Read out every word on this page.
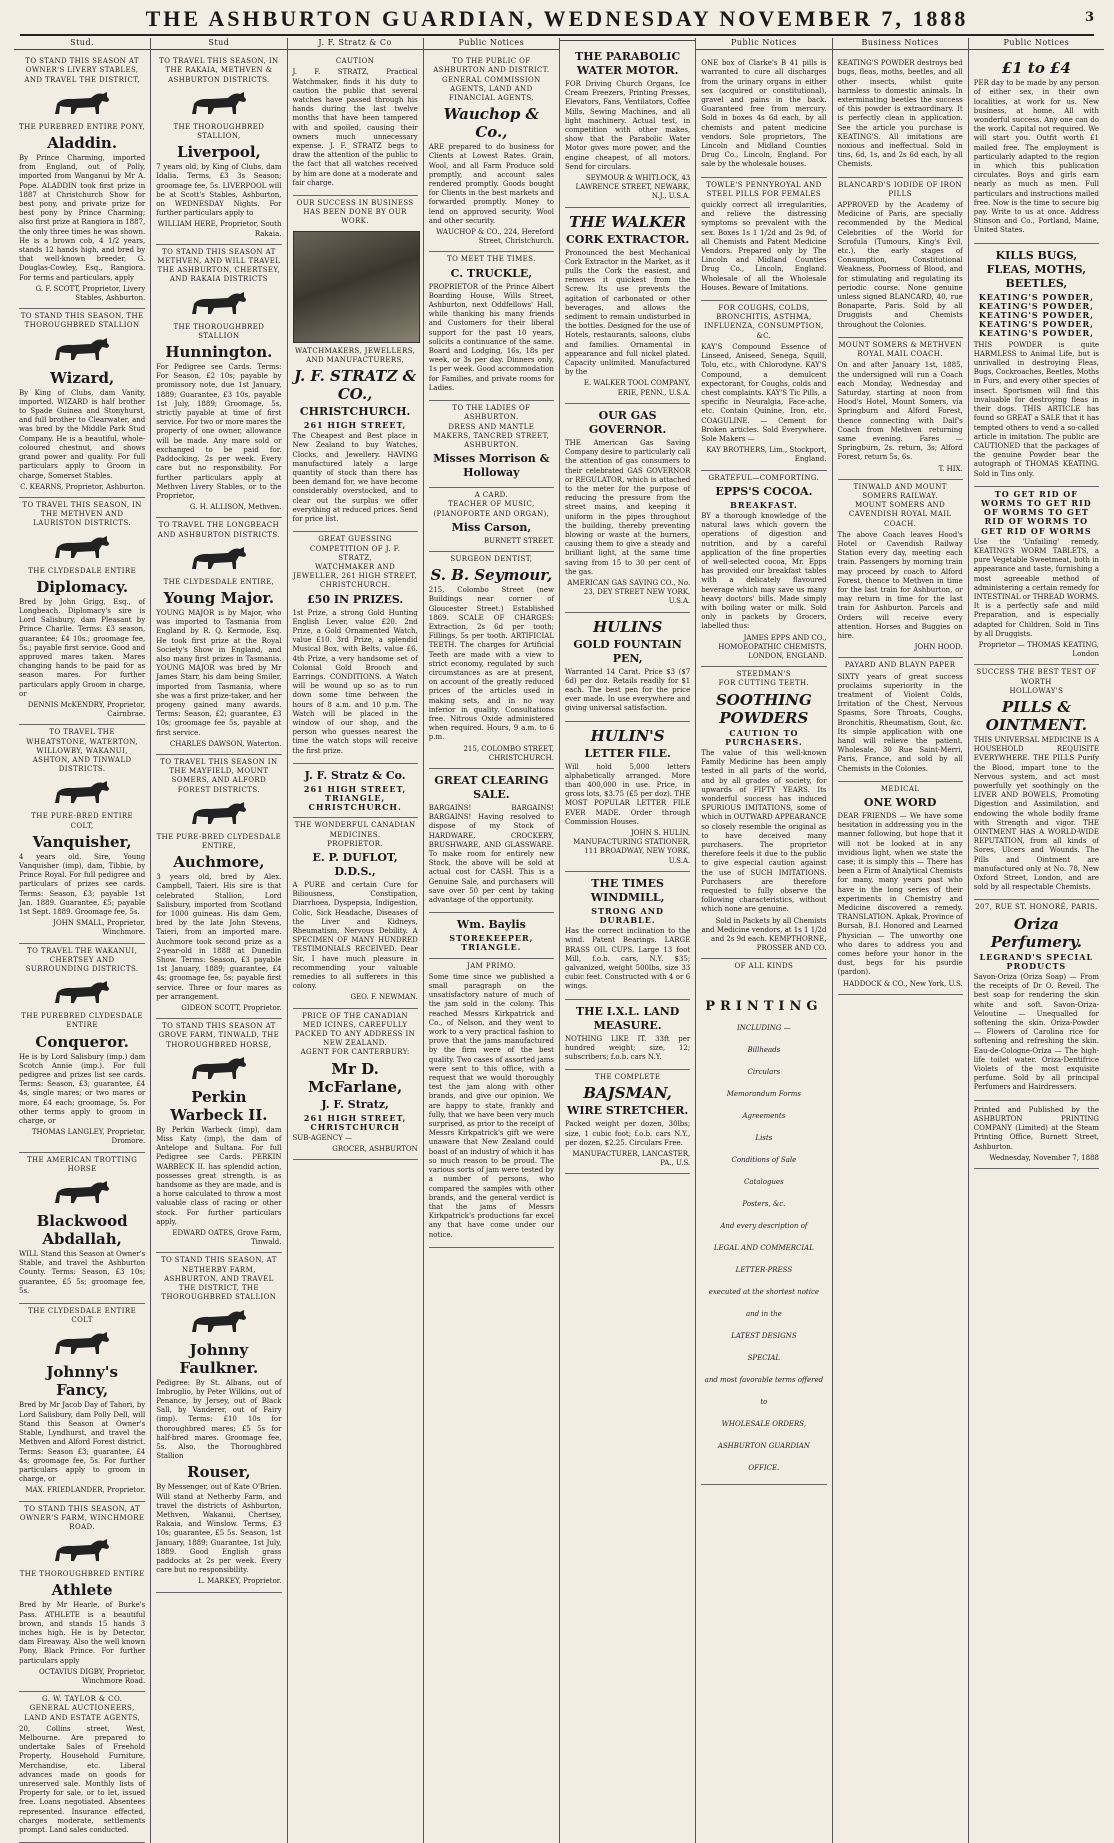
THE ASHBURTON GUARDIAN, WEDNESDAY NOVEMBER 7, 1888	3
Stud.
TO STAND THIS SEASON AT OWNER'S LIVERY STABLES, AND TRAVEL THE DISTRICT,
THE PUREBRED ENTIRE PONY,
Aladdin.

By Prince Charming, imported from England, out of Polly, imported from Wanganui by Mr A. Pope. ALADDIN took first prize in 1887 at Christchurch Show for best pony, and private prize for best pony by Prince Charming; also first prize at Rangiora in 1887, the only three times he was shown. He is a brown cob, 4 1/2 years, stands 12 hands high, and bred by that well-known breeder, G. Douglas-Cowley, Esq., Rangiora. For terms and particulars, apply

G. F. SCOTT, Proprietor, Livery Stables, Ashburton.
TO STAND THIS SEASON, THE THOROUGHBRED STALLION
Wizard,

By King of Clubs, dam Vanity, imported. WIZARD is half brother to Spade Guinea and Stonyhurst, and full brother to Clearwater, and was bred by the Middle Park Stud Company. He is a beautiful, whole-coloured chestnut, and shows grand power and quality. For full particulars apply to Groom in charge, Somerset Stables.

C. KEARNS, Proprietor, Ashburton.
TO TRAVEL THIS SEASON, IN THE METHVEN AND LAURISTON DISTRICTS.
THE CLYDESDALE ENTIRE
Diplomacy.

Bred by John Grigg, Esq., of Longbeach. Diplomacy's sire is Lord Salisbury, dam Pleasant by Prince Charlie. Terms: £3 season, guarantee; £4 10s.; groomage fee, 5s.; payable first service. Good and approved mares taken. Mares changing hands to be paid for as season mares. For further particulars apply Groom in charge, or

DENNIS McKENDRY, Proprietor, Cairnbrae.
TO TRAVEL THE WHEATSTONE, WATERTON, WILLOWBY, WAKANUI, ASHTON, AND TINWALD DISTRICTS.
THE PURE-BRED ENTIRE COLT,
Vanquisher,

4 years old. Sire, Young Vanquisher (imp), dam, Tibbie, by Prince Royal. For full pedigree and particulars of prizes see cards. Terms: Season, £3; payable 1st Jan. 1889. Guarantee, £5; payable 1st Sept. 1889. Groomage fee, 5s.

JOHN SMALL, Proprietor, Winchmore.
TO TRAVEL THE WAKANUI, CHERTSEY AND SURROUNDING DISTRICTS.
THE PUREBRED CLYDESDALE ENTIRE
Conqueror.

He is by Lord Salisbury (imp.) dam Scotch Annie (imp.). For full pedigree and prizes list see cards. Terms: Season, £3; guarantee, £4 4s, single mares; or two mares or more, £4 each; groomage, 5s. For other terms apply to groom in charge, or

THOMAS LANGLEY, Proprietor, Dromore.
THE AMERICAN TROTTING HORSE
Blackwood Abdallah,

WILL Stand this Season at Owner's Stable, and travel the Ashburton County. Terms: Season, £3 10s; guarantee, £5 5s; groomage fee, 5s.

THE CLYDESDALE ENTIRE COLT
Johnny's Fancy,

Bred by Mr Jacob Day of Tahori, by Lord Salisbury, dam Polly Dell, will Stand this Season at Owner's Stable, Lyndhurst, and travel the Methven and Alford Forest district. Terms: Season £3; guarantee, £4 4s; groomage fee, 5s. For further particulars apply to groom in charge, or

MAX. FRIEDLANDER, Proprietor.
TO STAND THIS SEASON, AT OWNER'S FARM, WINCHMORE ROAD.
THE THOROUGHBRED ENTIRE
Athlete

Bred by Mr Hearle, of Burke's Pass. ATHLETE is a beautiful brown, and stands 15 hands 3 inches high. He is by Detector, dam Fireaway. Also the well known Pony, Black Prince. For further particulars apply

OCTAVIUS DIGBY, Proprietor, Winchmore Road.
G. W. TAYLOR & CO.
GENERAL AUCTIONEERS, LAND AND ESTATE AGENTS,

20, Collins street, West, Melbourne. Are prepared to undertake Sales of Freehold Property, Household Furniture, Merchandise, etc. Liberal advances made on goods for unreserved sale. Monthly lists of Property for sale, or to let, issued free. Loans negotiated. Absentees represented. Insurance effected, charges moderate, settlements prompt. Land sales conducted.

Stud
TO TRAVEL THIS SEASON, IN THE RAKAIA, METHVEN & ASHBURTON DISTRICTS.
THE THOROUGHBRED STALLION,
Liverpool,

7 years old, by King of Clubs, dam Idalia. Terms, £3 3s Season; groomage fee, 5s. LIVERPOOL will be at Scott's Stables, Ashburton, on WEDNESDAY Nights. For further particulars apply to

WILLIAM HERE, Proprietor, South Rakaia.
TO STAND THIS SEASON AT METHVEN, AND WILL TRAVEL THE ASHBURTON, CHERTSEY, AND RAKAIA DISTRICTS
THE THOROUGHBRED STALLION
Hunnington.

For Pedigree see Cards. Terms: For Season, £2 10s; payable by promissory note, due 1st January, 1889; Guarantee, £3 10s, payable 1st July, 1889; Groomage, 5s, strictly payable at time of first service. For two or more mares the property of one owner, allowance will be made. Any mare sold or exchanged to be paid for. Paddocking, 2s per week. Every care but no responsibility. For further particulars apply at Methven Livery Stables, or to the Proprietor,

G. H. ALLISON, Methven.
TO TRAVEL THE LONGBEACH AND ASHBURTON DISTRICTS.
THE CLYDESDALE ENTIRE,
Young Major.

YOUNG MAJOR is by Major, who was imported to Tasmania from England by R. Q. Kermode, Esq. He took first prize at the Royal Society's Show in England, and also many first prizes in Tasmania. YOUNG MAJOR was bred by Mr James Starr, his dam being Smiler, imported from Tasmania, where she was a first prize-taker, and her progeny gained many awards. Terms: Season, £2; guarantee, £3 10s; groomage fee 5s, payable at first service.

CHARLES DAWSON, Waterton.
TO TRAVEL THIS SEASON IN THE MAYFIELD, MOUNT SOMERS, AND ALFORD FOREST DISTRICTS.
THE PURE-BRED CLYDESDALE ENTIRE,
Auchmore,

3 years old, bred by Alex. Campbell, Taieri. His sire is that celebrated Stallion, Lord Salisbury, imported from Scotland for 1000 guineas. His dam Gem, bred by the late John Stevens, Taieri, from an imported mare. Auchmore took second prize as a 2-year-old in 1888 at Dunedin Show. Terms: Season, £3 payable 1st January, 1889; guarantee, £4 4s; groomage fee, 5s; payable first service. Three or four mares as per arrangement.

GIDEON SCOTT, Proprietor.
TO STAND THIS SEASON AT GROVE FARM, TINWALD, THE THOROUGHBRED HORSE,
Perkin Warbeck II.

By Perkin Warbeck (imp), dam Miss Katy (imp), the dam of Antelope and Sultana. For full Pedigree see Cards. PERKIN WARBECK II. has splendid action, possesses great strength, is as handsome as they are made, and is a horse calculated to throw a most valuable class of racing or other stock. For further particulars apply,

EDWARD OATES, Grove Farm, Tinwald.
TO STAND THIS SEASON, AT NETHERBY FARM, ASHBURTON, AND TRAVEL THE DISTRICT, THE THOROUGHBRED STALLION
Johnny Faulkner.

Pedigree: By St. Albans, out of Imbroglio, by Peter Wilkins, out of Penance, by Jersey, out of Black Sall, by Vanderer, out of Fairy (imp). Terms: £10 10s for thoroughbred mares; £5 5s for half-bred mares. Groomage fee, 5s. Also, the Thoroughbred Stallion

Rouser,

By Messenger, out of Kate O'Brien. Will stand at Netherby Farm, and travel the districts of Ashburton, Methven, Wakanui, Chertsey, Rakaia, and Winslow. Terms, £3 10s; guarantee, £5 5s. Season, 1st January, 1889; Guarantee, 1st July, 1889. Good English grass paddocks at 2s per week. Every care but no responsibility.

L. MARKEY, Proprietor.
J. F. Stratz & Co
CAUTION

J. F. STRATZ, Practical Watchmaker, finds it his duty to caution the public that several watches have passed through his hands during the last twelve months that have been tampered with and spoiled, causing their owners much unnecessary expense. J. F. STRATZ begs to draw the attention of the public to the fact that all watches received by him are done at a moderate and fair charge.

OUR SUCCESS IN BUSINESS HAS BEEN DONE BY OUR WORK.
WATCHMAKERS, JEWELLERS, AND MANUFACTURERS,
J. F. STRATZ & CO.,
CHRISTCHURCH.
261 HIGH STREET,

The Cheapest and Best place in New Zealand to buy Watches, Clocks, and Jewellery. HAVING manufactured lately a large quantity of stock than there has been demand for, we have become considerably overstocked, and to clear out the surplus we offer everything at reduced prices. Send for price list.

GREAT GUESSING COMPETITION OF J. F. STRATZ,
WATCHMAKER AND JEWELLER, 261 HIGH STREET, CHRISTCHURCH.
£50 IN PRIZES.

1st Prize, a strong Gold Hunting English Lever, value £20. 2nd Prize, a Gold Ornamented Watch, value £10. 3rd Prize, a splendid Musical Box, with Belts, value £6. 4th Prize, a very handsome set of Colonial Gold Brooch and Earrings. CONDITIONS. A Watch will be wound up so as to run down some time between the hours of 8 a.m. and 10 p.m. The Watch will be placed in the window of our shop, and the person who guesses nearest the time the watch stops will receive the first prize.

J. F. Stratz & Co.
261 HIGH STREET, TRIANGLE, CHRISTCHURCH.
THE WONDERFUL CANADIAN MEDICINES.
PROPRIETOR.
E. P. DUFLOT, D.D.S.,

A PURE and certain Cure for Biliousness, Constipation, Diarrhoea, Dyspepsia, Indigestion, Colic, Sick Headache, Diseases of the Liver and Kidneys, Rheumatism, Nervous Debility. A SPECIMEN OF MANY HUNDRED TESTIMONIALS RECEIVED. Dear Sir, I have much pleasure in recommending your valuable remedies to all sufferers in this colony.

GEO. F. NEWMAN.
PRICE OF THE CANADIAN MED ICINES, CAREFULLY PACKED TO ANY ADDRESS IN NEW ZEALAND.
AGENT FOR CANTERBURY:
Mr D. McFarlane,
J. F. Stratz,
261 HIGH STREET, CHRISTCHURCH

SUB-AGENCY —

GROCER, ASHBURTON
Public Notices
TO THE PUBLIC OF ASHBURTON AND DISTRICT.
GENERAL COMMISSION AGENTS, LAND AND FINANCIAL AGENTS,
Wauchop & Co.,

ARE prepared to do business for Clients at Lowest Rates. Grain, Wool, and all Farm Produce sold promptly, and account sales rendered promptly. Goods bought for Clients in the best markets and forwarded promptly. Money to lend on approved security. Wool and other security.

WAUCHOP & CO., 224, Hereford Street, Christchurch.
TO MEET THE TIMES.
C. TRUCKLE,

PROPRIETOR of the Prince Albert Boarding House, Wills Street, Ashburton, next Oddfellows' Hall, while thanking his many friends and Customers for their liberal support for the past 10 years, solicits a continuance of the same. Board and Lodging, 16s, 18s per week, or 3s per day. Dinners only, 1s per week. Good accommodation for Families, and private rooms for Ladies.

TO THE LADIES OF ASHBURTON.
DRESS AND MANTLE MAKERS, TANCRED STREET, ASHBURTON.
Misses Morrison & Holloway
A CARD.
TEACHER OF MUSIC, (PIANOFORTE AND ORGAN),
Miss Carson,
BURNETT STREET.
SURGEON DENTIST,
S. B. Seymour,

215, Colombo Street (new Buildings near corner of Gloucester Street.) Established 1869. SCALE OF CHARGES: Extraction, 2s 6d per tooth; Fillings, 5s per tooth. ARTIFICIAL TEETH. The charges for Artificial Teeth are made with a view to strict economy, regulated by such circumstances as are at present, on account of the greatly reduced prices of the articles used in making sets, and in no way inferior in quality. Consultations free. Nitrous Oxide administered when required. Hours, 9 a.m. to 6 p.m.

215, COLOMBO STREET, CHRISTCHURCH.
GREAT CLEARING SALE.

BARGAINS! BARGAINS! BARGAINS! Having resolved to dispose of my Stock of HARDWARE, CROCKERY, BRUSHWARE, AND GLASSWARE. To make room for entirely new Stock, the above will be sold at actual cost for CASH. This is a Genuine Sale, and purchasers will save over 50 per cent by taking advantage of the opportunity.

Wm. Baylis
STOREKEEPER, TRIANGLE.
JAM PRIMO.

Some time since we published a small paragraph on the unsatisfactory nature of much of the jam sold in the colony. This reached Messrs Kirkpatrick and Co., of Nelson, and they went to work to a very practical fashion to prove that the jams manufactured by the firm were of the best quality. Two cases of assorted jams were sent to this office, with a request that we would thoroughly test the jam along with other brands, and give our opinion. We are happy to state, frankly and fully, that we have been very much surprised, as prior to the receipt of Messrs Kirkpatrick's gift we were unaware that New Zealand could boast of an industry of which it has so much reason to be proud. The various sorts of jam were tested by a number of persons, who compared the samples with other brands, and the general verdict is that the jams of Messrs Kirkpatrick's productions far excel any that have come under our notice.

THE PARABOLIC WATER MOTOR.

FOR Driving Church Organs, Ice Cream Freezers, Printing Presses, Elevators, Fans, Ventilators, Coffee Mills, Sewing Machines, and all light machinery. Actual test, in competition with other makes, show that the Parabolic Water Motor gives more power, and the engine cheapest, of all motors. Send for circulars.

SEYMOUR & WHITLOCK, 43 LAWRENCE STREET, NEWARK, N.J., U.S.A.
THE WALKER
CORK EXTRACTOR.

Pronounced the best Mechanical Cork Extractor in the Market, as it pulls the Cork the easiest, and removes it quickest from the Screw. Its use prevents the agitation of carbonated or other beverages, and allows the sediment to remain undisturbed in the bottles. Designed for the use of Hotels, restaurants, saloons, clubs and families. Ornamental in appearance and full nickel plated. Capacity unlimited. Manufactured by the

E. WALKER TOOL COMPANY, ERIE, PENN., U.S.A.
OUR GAS GOVERNOR.

THE American Gas Saving Company desire to particularly call the attention of gas consumers to their celebrated GAS GOVERNOR or REGULATOR, which is attached to the meter for the purpose of reducing the pressure from the street mains, and keeping it uniform in the pipes throughout the building, thereby preventing blowing or waste at the burners, causing them to give a steady and brilliant light, at the same time saving from 15 to 30 per cent of the gas.

AMERICAN GAS SAVING CO., No. 23, DEY STREET NEW YORK, U.S.A.
HULINS
GOLD FOUNTAIN PEN,

Warranted 14 Carat. Price $3 ($7 6d) per doz. Retails readily for $1 each. The best pen for the price ever made. In use everywhere and giving universal satisfaction.

HULIN'S
LETTER FILE.

Will hold 5,000 letters alphabetically arranged. More than 400,000 in use. Price, in gross lots, $3.75 (£5 per doz). THE MOST POPULAR LETTER FILE EVER MADE. Order through Commission Houses.

JOHN S. HULIN, MANUFACTURING STATIONER, 111 BROADWAY, NEW YORK, U.S.A.
THE TIMES WINDMILL,
STRONG AND DURABLE.

Has the correct inclination to the wind. Patent Bearings. LARGE BRASS OIL CUPS. Large 13 foot Mill, f.o.b. cars, N.Y. $35; galvanized, weight 500lbs, size 33 cubic feet. Constructed with 4 or 6 wings.

THE I.X.L. LAND MEASURE.

NOTHING LIKE IT. 33ft per hundred weight; size, 12; subscribers; f.o.b. cars N.Y.

THE COMPLETE
BAJSMAN,
WIRE STRETCHER.

Packed weight per dozen, 30lbs; size, 1 cubic foot; f.o.b. cars N.Y., per dozen, $2.25. Circulars Free.

MANUFACTURER, LANCASTER, PA., U.S.
Public Notices

ONE box of Clarke's B 41 pills is warranted to cure all discharges from the urinary organs in either sex (acquired or constitutional), gravel and pains in the back. Guaranteed free from mercury. Sold in boxes 4s 6d each, by all chemists and patent medicine vendors. Sole proprietors, The Lincoln and Midland Counties Drug Co., Lincoln, England. For sale by the wholesale houses.

TOWLE'S PENNYROYAL AND STEEL PILLS FOR FEMALES

quickly correct all irregularities, and relieve the distressing symptoms so prevalent with the sex. Boxes 1s 1 1/2d and 2s 9d, of all Chemists and Patent Medicine Vendors. Prepared only by The Lincoln and Midland Counties Drug Co., Lincoln, England. Wholesale of all the Wholesale Houses. Beware of Imitations.

FOR COUGHS, COLDS, BRONCHITIS, ASTHMA, INFLUENZA, CONSUMPTION, &C.

KAY'S Compound Essence of Linseed, Aniseed, Senega, Squill, Tolu, etc., with Chlorodyne. KAY'S Compound, a demulcent expectorant, for Coughs, colds and chest complaints. KAY'S Tic Pills, a specific in Neuralgia, Face-ache, etc. Contain Quinine, Iron, etc. COAGULINE. — Cement for Broken articles. Sold Everywhere. Sole Makers —

KAY BROTHERS, Lim., Stockport, England.
GRATEFUL—COMFORTING.
EPPS'S COCOA.
BREAKFAST.

BY a thorough knowledge of the natural laws which govern the operations of digestion and nutrition, and by a careful application of the fine properties of well-selected cocoa, Mr. Epps has provided our breakfast tables with a delicately flavoured beverage which may save us many heavy doctors' bills. Made simply with boiling water or milk. Sold only in packets by Grocers, labelled thus:

JAMES EPPS AND CO., HOMOEOPATHIC CHEMISTS, LONDON, ENGLAND.
STEEDMAN'S
FOR CUTTING TEETH.
SOOTHING POWDERS
CAUTION TO PURCHASERS.

The value of this well-known Family Medicine has been amply tested in all parts of the world, and by all grades of society, for upwards of FIFTY YEARS. Its wonderful success has induced SPURIOUS IMITATIONS, some of which in OUTWARD APPEARANCE so closely resemble the original as to have deceived many purchasers. The proprietor therefore feels it due to the public to give especial caution against the use of SUCH IMITATIONS. Purchasers are therefore requested to fully observe the following characteristics, without which none are genuine.

Sold in Packets by all Chemists and Medicine vendors, at 1s 1 1/2d and 2s 9d each. KEMPTHORNE, PROSSER AND CO.
OF ALL KINDS
PRINTING
INCLUDING —
Billheads
Circulars
Memorandum Forms
Agreements
Lists
Conditions of Sale
Catalogues
Posters, &c.
And every description of
LEGAL AND COMMERCIAL
LETTER-PRESS
executed at the shortest notice and in the
LATEST DESIGNS
SPECIAL
and most favorable terms offered to
WHOLESALE ORDERS,
ASHBURTON GUARDIAN
OFFICE.
Business Notices

KEATING'S POWDER destroys bed bugs, fleas, moths, beetles, and all other insects, whilst quite harmless to domestic animals. In exterminating beetles the success of this powder is extraordinary. It is perfectly clean in application. See the article you purchase is KEATING'S. All imitations are noxious and ineffectual. Sold in tins, 6d, 1s, and 2s 6d each, by all Chemists.

BLANCARD'S IODIDE OF IRON PILLS

APPROVED by the Academy of Medicine of Paris, are specially recommended by the Medical Celebrities of the World for Scrofula (Tumours, King's Evil, etc.), the early stages of Consumption, Constitutional Weakness, Poorness of Blood, and for stimulating and regulating its periodic course. None genuine unless signed BLANCARD, 40, rue Bonaparte, Paris. Sold by all Druggists and Chemists throughout the Colonies.

MOUNT SOMERS & METHVEN ROYAL MAIL COACH.

On and after January 1st, 1885, the undersigned will run a Coach each Monday, Wednesday and Saturday, starting at noon from Hood's Hotel, Mount Somers, via Springburn and Alford Forest, thence connecting with Dalf's Coach from Methven returning same evening. Fares — Springburn, 2s. return, 3s; Alford Forest, return 5s, 6s.

T. HIX.
TINWALD AND MOUNT SOMERS RAILWAY.
MOUNT SOMERS AND CAVENDISH ROYAL MAIL COACH.

The above Coach leaves Hood's Hotel or Cavendish Railway Station every day, meeting each train. Passengers by morning train may proceed by coach to Alford Forest, thence to Methven in time for the last train for Ashburton, or may return in time for the last train for Ashburton. Parcels and Orders will receive every attention. Horses and Buggies on hire.

JOHN HOOD.
PAYARD AND BLAYN PAPER

SIXTY years of great success proclaims superiority in the treatment of Violent Colds, Irritation of the Chest, Nervous Spasms, Sore Throats, Coughs, Bronchitis, Rheumatism, Gout, &c. Its simple application with one hand will relieve the patient. Wholesale, 30 Rue Saint-Merri, Paris, France, and sold by all Chemists in the Colonies.

MEDICAL
ONE WORD

DEAR FRIENDS — We have some hesitation in addressing you in the manner following, but hope that it will not be looked at in any invidious light, when we state the case; it is simply this — There has been a Firm of Analytical Chemists for many, many years past who have in the long series of their experiments in Chemistry and Medicine discovered a remedy. TRANSLATION. Apkak, Province of Bursah, B.I. Honored and Learned Physician — The unworthy one who dares to address you and comes before your honor in the dust, begs for his psurdie (pardon).

HADDOCK & CO., New York, U.S.
Public Notices
£1 to £4

PER day to be made by any person of either sex, in their own localities, at work for us. New business, at home. All with wonderful success. Any one can do the work. Capital not required. We will start you. Outfit worth £1 mailed free. The employment is particularly adapted to the region in which this publication circulates. Boys and girls earn nearly as much as men. Full particulars and instructions mailed free. Now is the time to secure big pay. Write to us at once. Address Stinson and Co., Portland, Maine, United States.

KILLS BUGS, FLEAS, MOTHS, BEETLES,
KEATING'S POWDER, KEATING'S POWDER, KEATING'S POWDER, KEATING'S POWDER, KEATING'S POWDER,

THIS POWDER is quite HARMLESS to Animal Life, but is unrivalled in destroying Fleas, Bugs, Cockroaches, Beetles, Moths in Furs, and every other species of insect. Sportsmen will find this invaluable for destroying fleas in their dogs. THIS ARTICLE has found so GREAT a SALE that it has tempted others to vend a so-called article in imitation. The public are CAUTIONED that the packages of the genuine Powder bear the autograph of THOMAS KEATING. Sold in Tins only.

TO GET RID OF WORMS TO GET RID OF WORMS TO GET RID OF WORMS TO GET RID OF WORMS

Use the 'Unfailing' remedy, KEATING'S WORM TABLETS, a pure Vegetable Sweetmeat, both in appearance and taste, furnishing a most agreeable method of administering a certain remedy for INTESTINAL or THREAD WORMS. It is a perfectly safe and mild Preparation, and is especially adapted for Children. Sold in Tins by all Druggists.

Proprietor — THOMAS KEATING, London
SUCCESS THE BEST TEST OF WORTH
HOLLOWAY'S
PILLS & OINTMENT.

THIS UNIVERSAL MEDICINE IS A HOUSEHOLD REQUISITE EVERYWHERE. THE PILLS Purify the Blood, impart tone to the Nervous system, and act most powerfully yet soothingly on the LIVER AND BOWELS, Promoting Digestion and Assimilation, and endowing the whole bodily frame with Strength and vigor. THE OINTMENT HAS A WORLD-WIDE REPUTATION, from all kinds of Sores, Ulcers and Wounds. The Pills and Ointment are manufactured only at No. 78, New Oxford Street, London, and are sold by all respectable Chemists.

207, RUE ST. HONORÉ, PARIS.
Oriza Perfumery.
LEGRAND'S SPECIAL PRODUCTS

Savon-Oriza (Oriza Soap) — From the receipts of Dr O. Reveil. The best soap for rendering the skin white and soft. Savon-Oriza-Veloutine — Unequalled for softening the skin. Oriza-Powder — Flowers of Carolina rice for softening and refreshing the skin. Eau-de-Cologne-Oriza — The high-life toilet water. Oriza-Dentifrice Violets of the most exquisite perfume. Sold by all principal Perfumers and Hairdressers.

Printed and Published by the ASHBURTON PRINTING COMPANY (Limited) at the Steam Printing Office, Burnett Street, Ashburton.

Wednesday, November 7, 1888
